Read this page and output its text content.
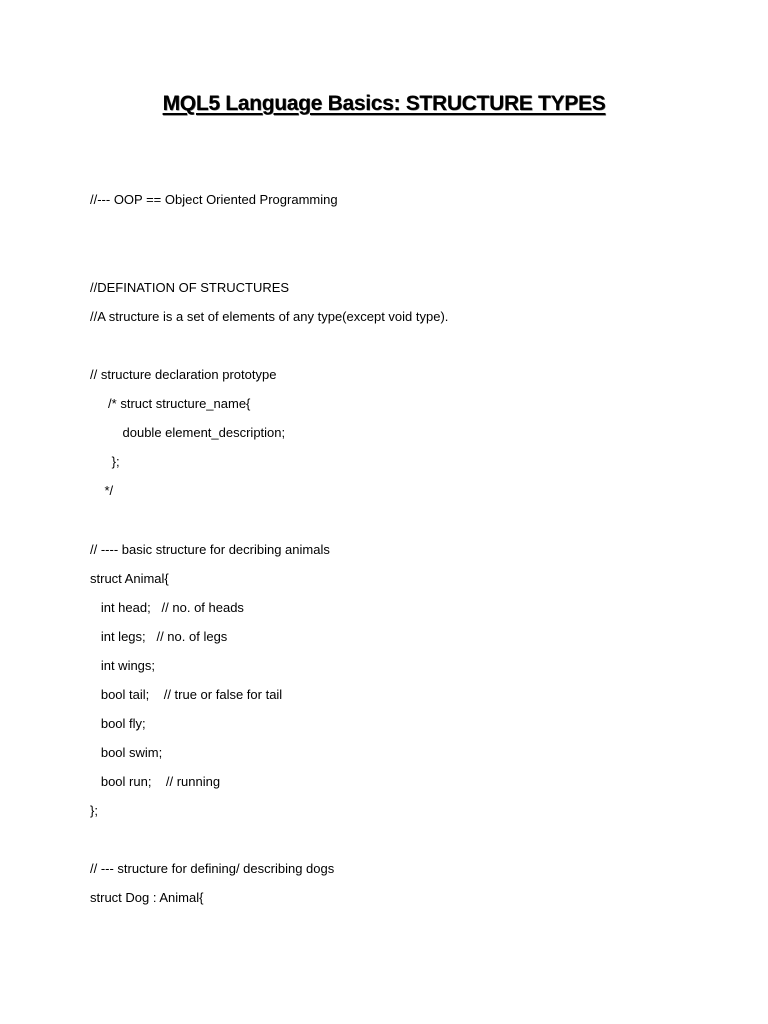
MQL5 Language Basics: STRUCTURE TYPES
//--- OOP == Object Oriented Programming
//DEFINATION OF STRUCTURES
//A structure is a set of elements of any type(except void type).
// structure declaration prototype
/* struct structure_name{
double element_description;
};
*/
// ---- basic structure for decribing animals
struct Animal{
int head;   // no. of heads
int legs;   // no. of legs
int wings;
bool tail;    // true or false for tail
bool fly;
bool swim;
bool run;    // running
};
// --- structure for defining/ describing dogs
struct Dog : Animal{
